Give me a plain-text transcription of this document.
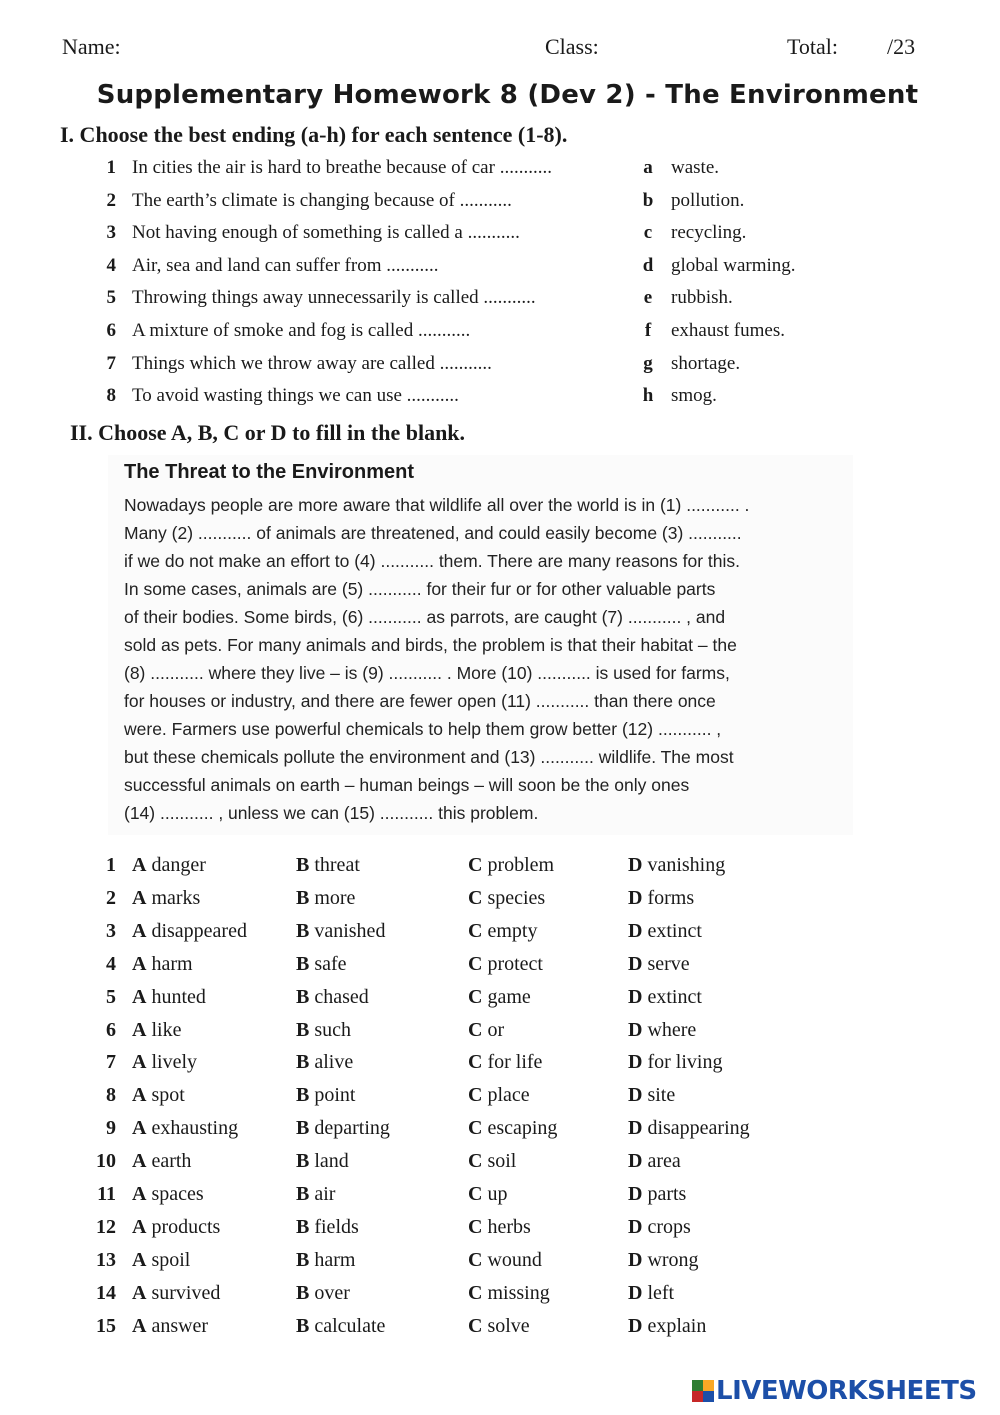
Name:	Class:	Total: /23
Supplementary Homework 8 (Dev 2) - The Environment
I. Choose the best ending (a-h) for each sentence (1-8).
1 In cities the air is hard to breathe because of car ...........	a waste.
2 The earth’s climate is changing because of ...........	b pollution.
3 Not having enough of something is called a ...........	c recycling.
4 Air, sea and land can suffer from ...........	d global warming.
5 Throwing things away unnecessarily is called ...........	e rubbish.
6 A mixture of smoke and fog is called ...........	f exhaust fumes.
7 Things which we throw away are called ...........	g shortage.
8 To avoid wasting things we can use ...........	h smog.
II. Choose A, B, C or D to fill in the blank.
The Threat to the Environment
Nowadays people are more aware that wildlife all over the world is in (1) ........... .
Many (2) ........... of animals are threatened, and could easily become (3) ...........
if we do not make an effort to (4) ........... them. There are many reasons for this.
In some cases, animals are (5) ........... for their fur or for other valuable parts
of their bodies. Some birds, (6) ........... as parrots, are caught (7) ........... , and
sold as pets. For many animals and birds, the problem is that their habitat – the
(8) ........... where they live – is (9) ........... . More (10) ........... is used for farms,
for houses or industry, and there are fewer open (11) ........... than there once
were. Farmers use powerful chemicals to help them grow better (12) ........... ,
but these chemicals pollute the environment and (13) ........... wildlife. The most
successful animals on earth – human beings – will soon be the only ones
(14) ........... , unless we can (15) ........... this problem.
1 A danger	B threat	C problem	D vanishing
2 A marks	B more	C species	D forms
3 A disappeared B vanished	C empty	D extinct
4 A harm	B safe	C protect	D serve
5 A hunted	B chased	C game	D extinct
6 A like	B such	C or	D where
7 A lively	B alive	C for life	D for living
8 A spot	B point	C place	D site
9 A exhausting	B departing	C escaping	D disappearing
10 A earth	B land	C soil	D area
11 A spaces	B air	C up	D parts
12 A products	B fields	C herbs	D crops
13 A spoil	B harm	C wound	D wrong
14 A survived	B over	C missing	D left
15 A answer	B calculate	C solve	D explain
LIVEWORKSHEETS
